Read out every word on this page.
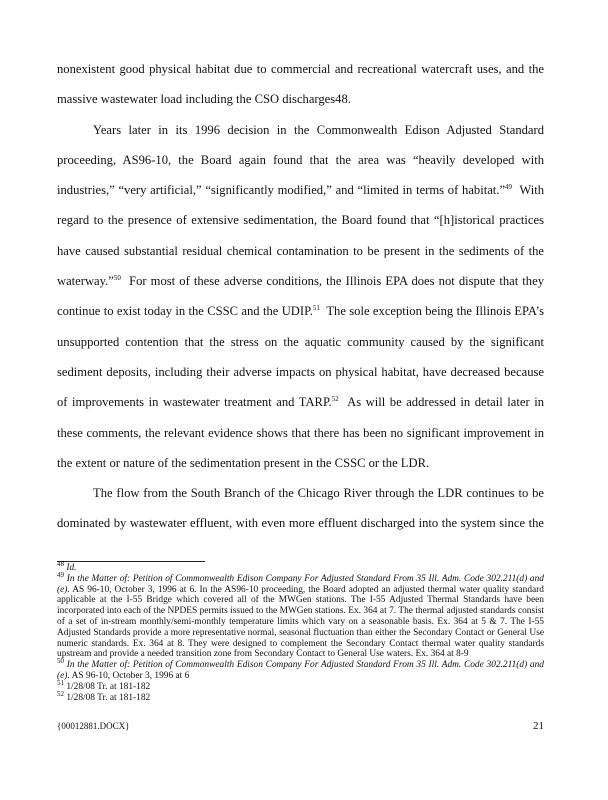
nonexistent good physical habitat due to commercial and recreational watercraft uses, and the
massive wastewater load including the CSO discharges48.
Years later in its 1996 decision in the Commonwealth Edison Adjusted Standard
proceeding, AS96-10, the Board again found that the area was “heavily developed with
industries,” “very artificial,” “significantly modified,” and “limited in terms of habitat.”$^{49}$  With
regard to the presence of extensive sedimentation, the Board found that “[h]istorical practices
have caused substantial residual chemical contamination to be present in the sediments of the
waterway.”$^{50}$  For most of these adverse conditions, the Illinois EPA does not dispute that they
continue to exist today in the CSSC and the UDIP.$^{51}$  The sole exception being the Illinois EPA’s
unsupported contention that the stress on the aquatic community caused by the significant
sediment deposits, including their adverse impacts on physical habitat, have decreased because
of improvements in wastewater treatment and TARP.$^{52}$  As will be addressed in detail later in
these comments, the relevant evidence shows that there has been no significant improvement in
the extent or nature of the sedimentation present in the CSSC or the LDR.
The flow from the South Branch of the Chicago River through the LDR continues to be
dominated by wastewater effluent, with even more effluent discharged into the system since the
$^{48}$ Id.
$^{49}$ In the Matter of: Petition of Commonwealth Edison Company For Adjusted Standard From 35 Ill. Adm. Code 302.211(d) and (e). AS 96-10, October 3, 1996 at 6. In the AS96-10 proceeding, the Board adopted an adjusted thermal water quality standard applicable at the I-55 Bridge which covered all of the MWGen stations. The I-55 Adjusted Thermal Standards have been incorporated into each of the NPDES permits issued to the MWGen stations. Ex. 364 at 7. The thermal adjusted standards consist of a set of in-stream monthly/semi-monthly temperature limits which vary on a seasonable basis. Ex. 364 at 5 & 7. The I-55 Adjusted Standards provide a more representative normal, seasonal fluctuation than either the Secondary Contact or General Use numeric standards. Ex. 364 at 8. They were designed to complement the Secondary Contact thermal water quality standards upstream and provide a needed transition zone from Secondary Contact to General Use waters. Ex. 364 at 8-9
$^{50}$ In the Matter of: Petition of Commonwealth Edison Company For Adjusted Standard From 35 Ill. Adm. Code 302.211(d) and (e). AS 96-10, October 3, 1996 at 6
$^{51}$ 1/28/08 Tr. at 181-182
$^{52}$ 1/28/08 Tr. at 181-182
{00012881.DOCX}	21
